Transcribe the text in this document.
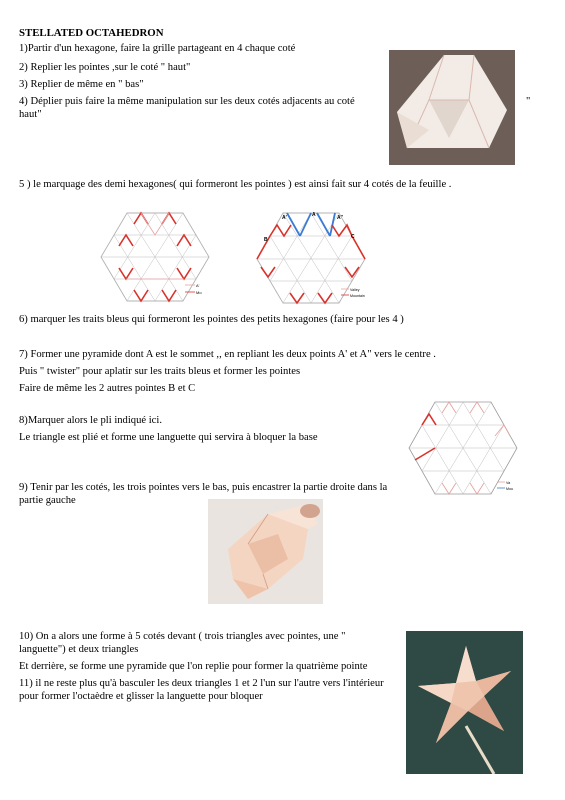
STELLATED OCTAHEDRON
1)Partir d'un hexagone, faire la grille partageant en 4 chaque coté
2) Replier les pointes ,sur le coté " haut"
3) Replier de même en " bas"
4) Déplier puis faire la même manipulation sur les deux cotés adjacents au coté	"
haut"
5 ) le marquage des demi hexagones( qui formeront les pointes ) est ainsi fait sur 4 cotés de la feuille .
A'
Mo
A'	A	A''
B	C
Valley
Mountain
6) marquer les traits bleus qui formeront les pointes des petits hexagones (faire pour les 4 )
7) Former une pyramide dont A est le sommet ,, en repliant les deux points A' et A" vers le centre .
Puis " twister" pour aplatir sur les traits bleus et former les pointes
Faire de même les 2 autres pointes B et C
8)Marquer alors le pli indiqué ici.
Le triangle est plié et forme une languette qui servira à bloquer la base
Va
Mou
9) Tenir par les cotés, les trois pointes vers le bas, puis encastrer la partie droite dans la partie gauche
10) On a alors une forme à 5 cotés devant ( trois triangles avec pointes, une " languette") et deux triangles
Et derrière, se forme une pyramide que l'on replie pour former la quatrième pointe
11) il ne reste plus qu'à basculer les deux triangles 1 et 2 l'un sur l'autre vers l'intérieur pour former l'octaèdre et glisser la languette pour bloquer
